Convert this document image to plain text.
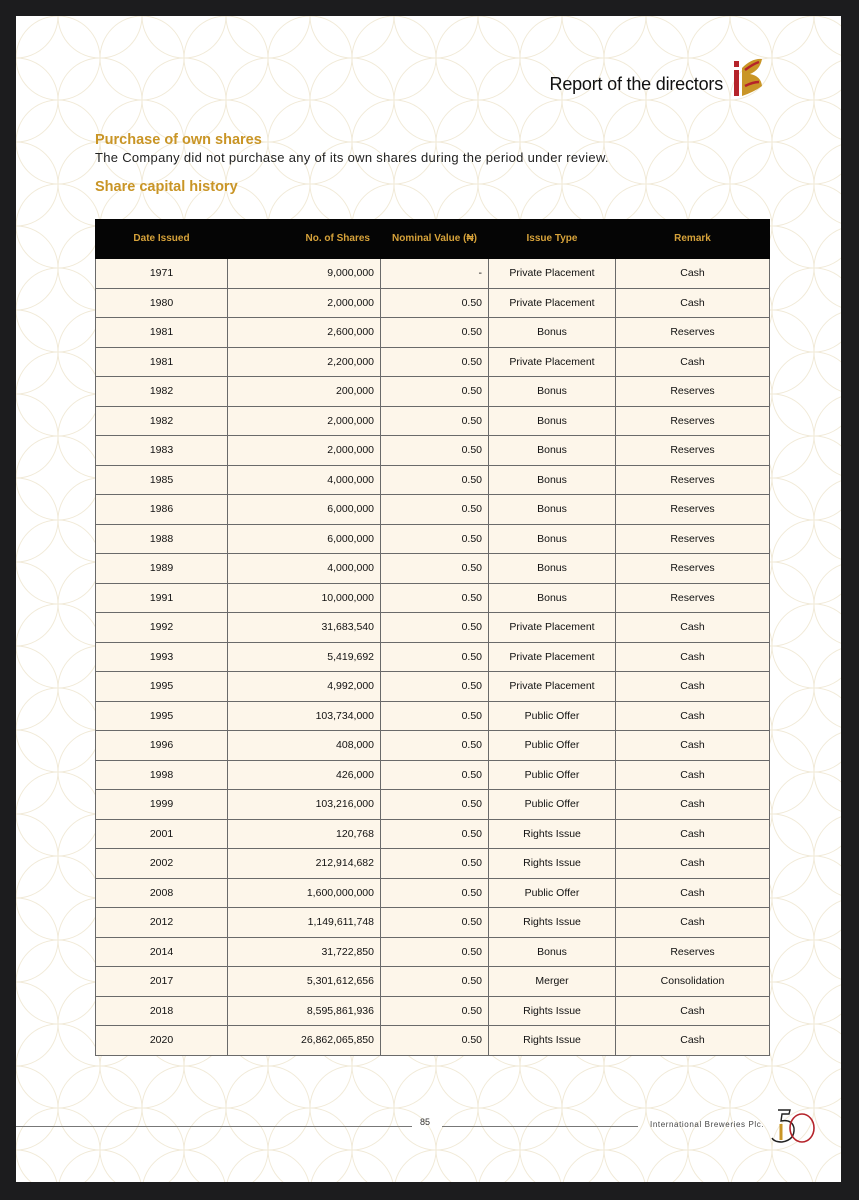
Report of the directors
Purchase of own shares
The Company did not purchase any of its own shares during the period under review.
Share capital history
Date Issued	No. of Shares	Nominal Value (₦)	Issue Type	Remark
1971	9,000,000	-	Private Placement	Cash
1980	2,000,000	0.50	Private Placement	Cash
1981	2,600,000	0.50	Bonus	Reserves
1981	2,200,000	0.50	Private Placement	Cash
1982	200,000	0.50	Bonus	Reserves
1982	2,000,000	0.50	Bonus	Reserves
1983	2,000,000	0.50	Bonus	Reserves
1985	4,000,000	0.50	Bonus	Reserves
1986	6,000,000	0.50	Bonus	Reserves
1988	6,000,000	0.50	Bonus	Reserves
1989	4,000,000	0.50	Bonus	Reserves
1991	10,000,000	0.50	Bonus	Reserves
1992	31,683,540	0.50	Private Placement	Cash
1993	5,419,692	0.50	Private Placement	Cash
1995	4,992,000	0.50	Private Placement	Cash
1995	103,734,000	0.50	Public Offer	Cash
1996	408,000	0.50	Public Offer	Cash
1998	426,000	0.50	Public Offer	Cash
1999	103,216,000	0.50	Public Offer	Cash
2001	120,768	0.50	Rights Issue	Cash
2002	212,914,682	0.50	Rights Issue	Cash
2008	1,600,000,000	0.50	Public Offer	Cash
2012	1,149,611,748	0.50	Rights Issue	Cash
2014	31,722,850	0.50	Bonus	Reserves
2017	5,301,612,656	0.50	Merger	Consolidation
2018	8,595,861,936	0.50	Rights Issue	Cash
2020	26,862,065,850	0.50	Rights Issue	Cash
85	International Breweries Plc.
